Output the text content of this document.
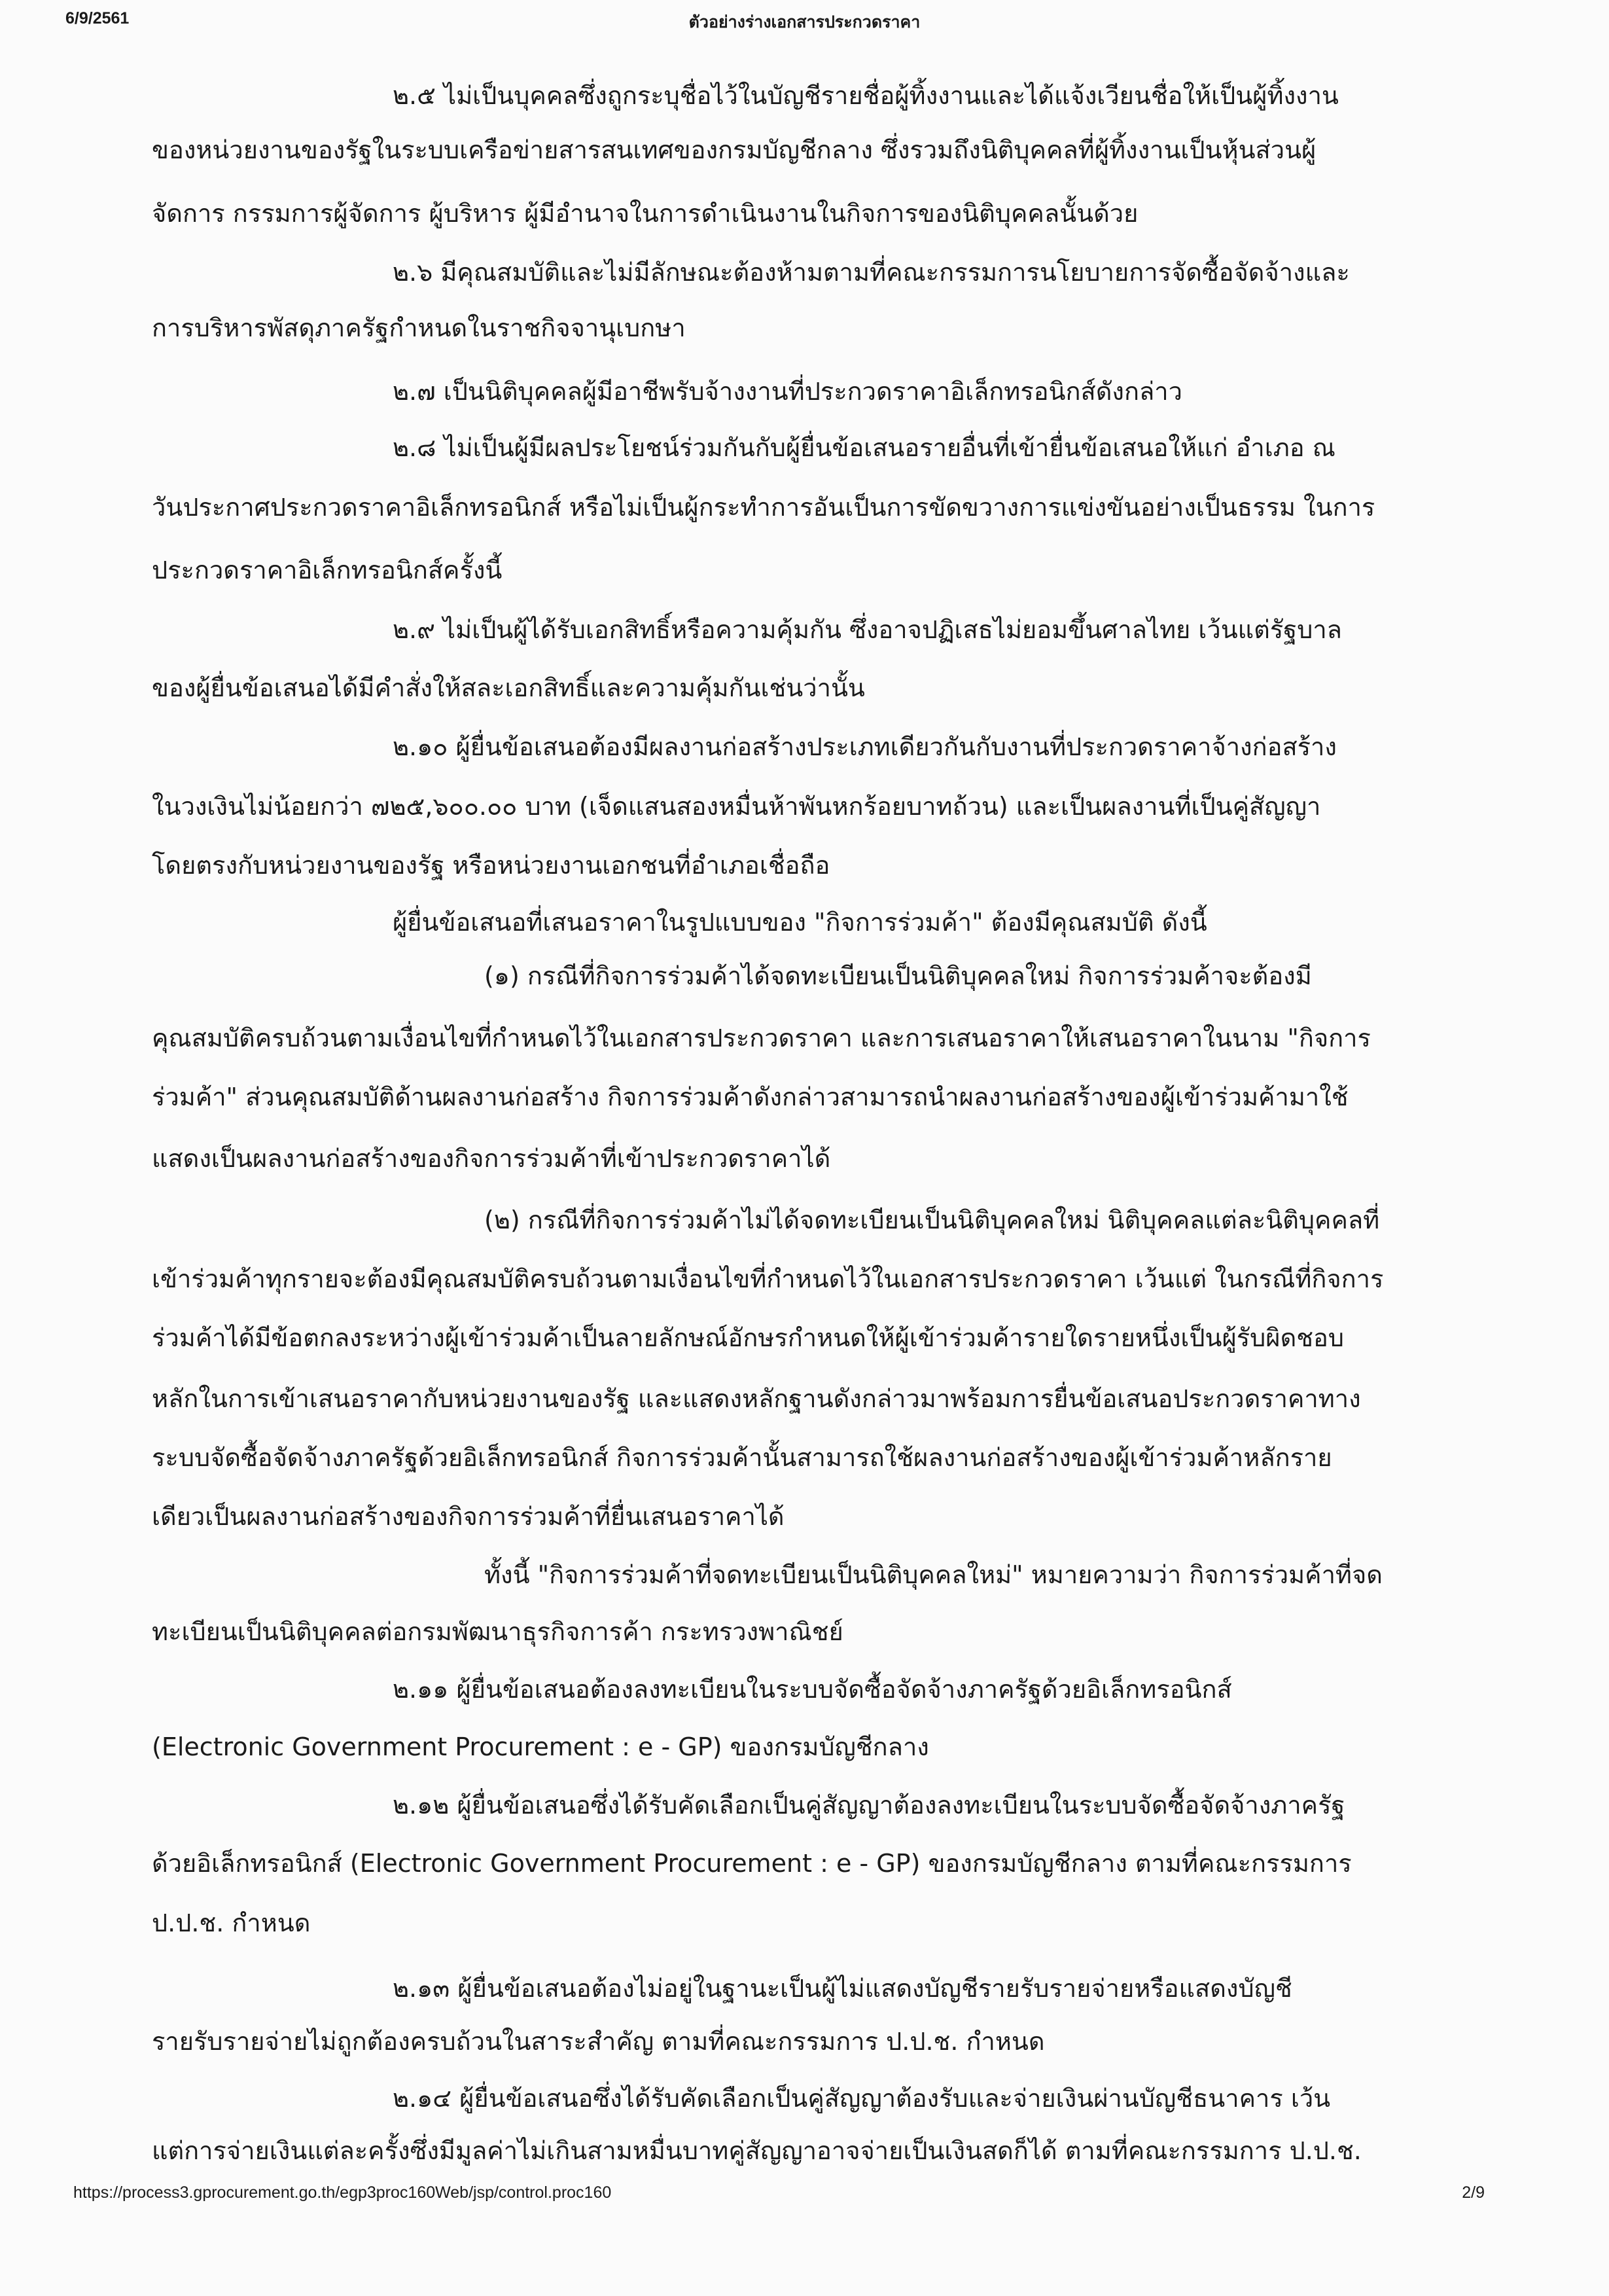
6/9/2561	ตัวอย่างร่างเอกสารประกวดราคา
๒.๕ ไม่เป็นบุคคลซึ่งถูกระบุชื่อไว้ในบัญชีรายชื่อผู้ทิ้งงานและได้แจ้งเวียนชื่อให้เป็นผู้ทิ้งงาน
ของหน่วยงานของรัฐในระบบเครือข่ายสารสนเทศของกรมบัญชีกลาง ซึ่งรวมถึงนิติบุคคลที่ผู้ทิ้งงานเป็นหุ้นส่วนผู้
จัดการ กรรมการผู้จัดการ ผู้บริหาร ผู้มีอำนาจในการดำเนินงานในกิจการของนิติบุคคลนั้นด้วย
๒.๖ มีคุณสมบัติและไม่มีลักษณะต้องห้ามตามที่คณะกรรมการนโยบายการจัดซื้อจัดจ้างและ
การบริหารพัสดุภาครัฐกำหนดในราชกิจจานุเบกษา
๒.๗ เป็นนิติบุคคลผู้มีอาชีพรับจ้างงานที่ประกวดราคาอิเล็กทรอนิกส์ดังกล่าว
๒.๘ ไม่เป็นผู้มีผลประโยชน์ร่วมกันกับผู้ยื่นข้อเสนอรายอื่นที่เข้ายื่นข้อเสนอให้แก่ อำเภอ ณ
วันประกาศประกวดราคาอิเล็กทรอนิกส์ หรือไม่เป็นผู้กระทำการอันเป็นการขัดขวางการแข่งขันอย่างเป็นธรรม ในการ
ประกวดราคาอิเล็กทรอนิกส์ครั้งนี้
๒.๙ ไม่เป็นผู้ได้รับเอกสิทธิ์หรือความคุ้มกัน ซึ่งอาจปฏิเสธไม่ยอมขึ้นศาลไทย เว้นแต่รัฐบาล
ของผู้ยื่นข้อเสนอได้มีคำสั่งให้สละเอกสิทธิ์และความคุ้มกันเช่นว่านั้น
๒.๑๐ ผู้ยื่นข้อเสนอต้องมีผลงานก่อสร้างประเภทเดียวกันกับงานที่ประกวดราคาจ้างก่อสร้าง
ในวงเงินไม่น้อยกว่า ๗๒๕,๖๐๐.๐๐ บาท (เจ็ดแสนสองหมื่นห้าพันหกร้อยบาทถ้วน) และเป็นผลงานที่เป็นคู่สัญญา
โดยตรงกับหน่วยงานของรัฐ หรือหน่วยงานเอกชนที่อำเภอเชื่อถือ
ผู้ยื่นข้อเสนอที่เสนอราคาในรูปแบบของ "กิจการร่วมค้า" ต้องมีคุณสมบัติ ดังนี้
(๑) กรณีที่กิจการร่วมค้าได้จดทะเบียนเป็นนิติบุคคลใหม่ กิจการร่วมค้าจะต้องมี
คุณสมบัติครบถ้วนตามเงื่อนไขที่กำหนดไว้ในเอกสารประกวดราคา และการเสนอราคาให้เสนอราคาในนาม "กิจการ
ร่วมค้า" ส่วนคุณสมบัติด้านผลงานก่อสร้าง กิจการร่วมค้าดังกล่าวสามารถนำผลงานก่อสร้างของผู้เข้าร่วมค้ามาใช้
แสดงเป็นผลงานก่อสร้างของกิจการร่วมค้าที่เข้าประกวดราคาได้
(๒) กรณีที่กิจการร่วมค้าไม่ได้จดทะเบียนเป็นนิติบุคคลใหม่ นิติบุคคลแต่ละนิติบุคคลที่
เข้าร่วมค้าทุกรายจะต้องมีคุณสมบัติครบถ้วนตามเงื่อนไขที่กำหนดไว้ในเอกสารประกวดราคา เว้นแต่ ในกรณีที่กิจการ
ร่วมค้าได้มีข้อตกลงระหว่างผู้เข้าร่วมค้าเป็นลายลักษณ์อักษรกำหนดให้ผู้เข้าร่วมค้ารายใดรายหนึ่งเป็นผู้รับผิดชอบ
หลักในการเข้าเสนอราคากับหน่วยงานของรัฐ และแสดงหลักฐานดังกล่าวมาพร้อมการยื่นข้อเสนอประกวดราคาทาง
ระบบจัดซื้อจัดจ้างภาครัฐด้วยอิเล็กทรอนิกส์ กิจการร่วมค้านั้นสามารถใช้ผลงานก่อสร้างของผู้เข้าร่วมค้าหลักราย
เดียวเป็นผลงานก่อสร้างของกิจการร่วมค้าที่ยื่นเสนอราคาได้
ทั้งนี้ "กิจการร่วมค้าที่จดทะเบียนเป็นนิติบุคคลใหม่" หมายความว่า กิจการร่วมค้าที่จด
ทะเบียนเป็นนิติบุคคลต่อกรมพัฒนาธุรกิจการค้า กระทรวงพาณิชย์
๒.๑๑ ผู้ยื่นข้อเสนอต้องลงทะเบียนในระบบจัดซื้อจัดจ้างภาครัฐด้วยอิเล็กทรอนิกส์
(Electronic Government Procurement : e - GP) ของกรมบัญชีกลาง
๒.๑๒ ผู้ยื่นข้อเสนอซึ่งได้รับคัดเลือกเป็นคู่สัญญาต้องลงทะเบียนในระบบจัดซื้อจัดจ้างภาครัฐ
ด้วยอิเล็กทรอนิกส์ (Electronic Government Procurement : e - GP) ของกรมบัญชีกลาง ตามที่คณะกรรมการ
ป.ป.ช. กำหนด
๒.๑๓ ผู้ยื่นข้อเสนอต้องไม่อยู่ในฐานะเป็นผู้ไม่แสดงบัญชีรายรับรายจ่ายหรือแสดงบัญชี
รายรับรายจ่ายไม่ถูกต้องครบถ้วนในสาระสำคัญ ตามที่คณะกรรมการ ป.ป.ช. กำหนด
๒.๑๔ ผู้ยื่นข้อเสนอซึ่งได้รับคัดเลือกเป็นคู่สัญญาต้องรับและจ่ายเงินผ่านบัญชีธนาคาร เว้น
แต่การจ่ายเงินแต่ละครั้งซึ่งมีมูลค่าไม่เกินสามหมื่นบาทคู่สัญญาอาจจ่ายเป็นเงินสดก็ได้ ตามที่คณะกรรมการ ป.ป.ช.
https://process3.gprocurement.go.th/egp3proc160Web/jsp/control.proc160	2/9
